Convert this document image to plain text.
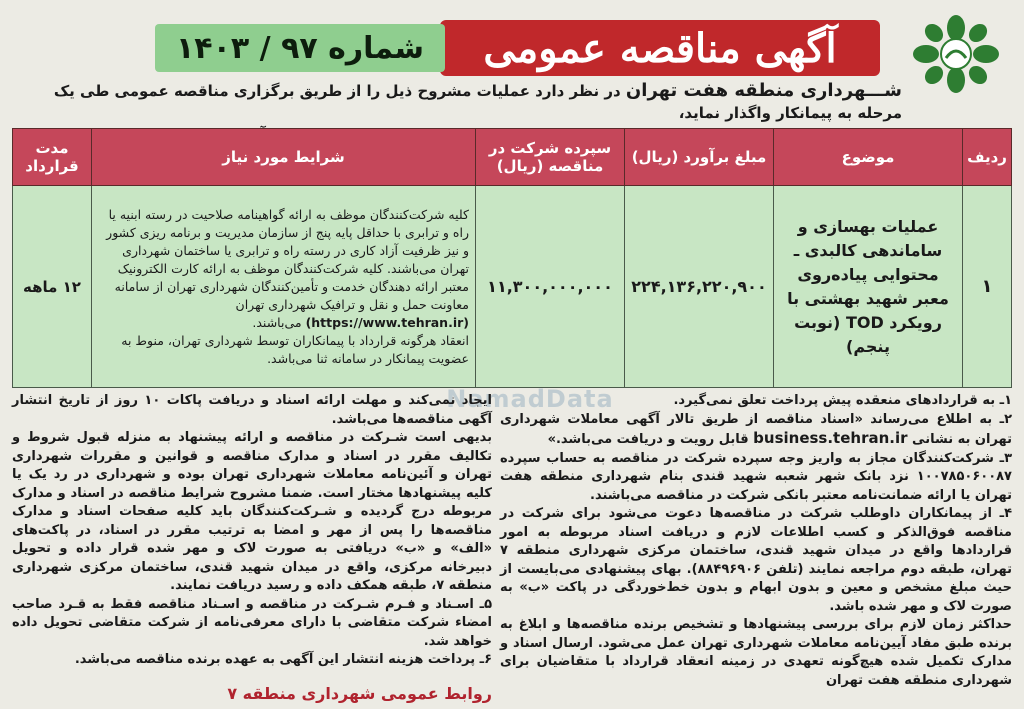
آگهی مناقصه عمومی
شماره ۹۷ / ۱۴۰۳
شـــهرداری منطقه هفت تهران در نظر دارد عملیات مشروح ذیل را از طریق برگزاری مناقصه عمومی طی یک مرحله به پیمانکار واگذار نماید،
ردیف	موضوع	مبلغ برآورد (ریال)	سپرده شرکت در مناقصه (ریال)	شرایط مورد نیاز	مدت قرارداد
۱	عملیات بهسازی و ساماندهی کالبدی ـ محتوایی پیاده‌روی معبر شهید بهشتی با رویکرد TOD (نوبت پنجم)	۲۲۴,۱۳۶,۲۲۰,۹۰۰	۱۱,۳۰۰,۰۰۰,۰۰۰	کلیه شرکت‌کنندگان موظف به ارائه گواهینامه صلاحیت در رسته ابنیه یا راه و ترابری با حداقل پایه پنج از سازمان مدیریت و برنامه ریزی کشور و نیز ظرفیت آزاد کاری در رسته راه و ترابری یا ساختمان شهرداری تهران می‌باشند. کلیه شرکت‌کنندگان موظف به ارائه کارت الکترونیک معتبر ارائه دهندگان خدمت و تأمین‌کنندگان شهرداری تهران از سامانه معاونت حمل و نقل و ترافیک شهرداری تهران (https://www.tehran.ir) می‌باشند.
انعقاد هرگونه قرارداد با پیمانکاران توسط شهرداری تهران، منوط به عضویت پیمانکار در سامانه ثنا می‌باشد.	۱۲ ماهه
NamadData	۱ـ به قراردادهای منعقده پیش پرداخت تعلق نمی‌گیرد.

۲ـ به اطلاع می‌رساند «اسناد مناقصه از طریق تالار آگهی معاملات شهرداری تهران به نشانی business.tehran.ir قابل رویت و دریافت می‌باشد.»

۳ـ شرکت‌کنندگان مجاز به واریز وجه سپرده شرکت در مناقصه به حساب سپرده ۱۰۰۷۸۵۰۶۰۰۸۷ نزد بانک شهر شعبه شهید قندی بنام شهرداری منطقه هفت تهران یا ارائه ضمانت‌نامه معتبر بانکی شرکت در مناقصه می‌باشند.

۴ـ از پیمانکاران داوطلب شرکت در مناقصه‌ها دعوت می‌شود برای شرکت در مناقصه فوق‌الذکر و کسب اطلاعات لازم و دریافت اسناد مربوطه به امور قراردادها واقع در میدان شهید قندی، ساختمان مرکزی شهرداری منطقه ۷ تهران، طبقه دوم مراجعه نمایند (تلفن ۸۸۴۹۶۹۰۶). بهای پیشنهادی می‌بایست از حیث مبلغ مشخص و معین و بدون ابهام و بدون خط‌خوردگی در پاکت «ب» به صورت لاک و مهر شده باشد.

حداکثر زمان لازم برای بررسی پیشنهادها و تشخیص برنده مناقصه‌ها و ابلاغ به برنده طبق مفاد آیین‌نامه معاملات شهرداری تهران عمل می‌شود. ارسال اسناد و مدارک تکمیل شده هیچ‌گونه تعهدی در زمینه انعقاد قرارداد با متقاضیان برای شهرداری منطقه هفت تهران

ایجاد نمی‌کند و مهلت ارائه اسناد و دریافت پاکات ۱۰ روز از تاریخ انتشار آگهی مناقصه‌ها می‌باشد.

بدیهی است شـرکت در مناقصه و ارائه پیشنهاد به منزله قبول شروط و تکالیف مقرر در اسناد و مدارک مناقصه و قوانین و مقررات شهرداری تهران و آئین‌نامه معاملات شهرداری تهران بوده و شهرداری در رد یک یا کلیه پیشنهادها مختار است. ضمنا مشروح شرایط مناقصه در اسناد و مدارک مربوطه درج گردیده و شـرکت‌کنندگان باید کلیه صفحات اسناد و مدارک مناقصه‌ها را پس از مهر و امضا به ترتیب مقرر در اسناد، در پاکت‌های «الف» و «ب» دریافتی به صورت لاک و مهر شده قرار داده و تحویل دبیرخانه مرکزی، واقع در میدان شهید قندی، ساختمان مرکزی شهرداری منطقه ۷، طبقه همکف داده و رسید دریافت نمایند.

۵ـ اسـناد و فـرم شـرکت در مناقصه و اسـناد مناقصه فقط به قـرد صاحب امضاء شرکت متقاضی با دارای معرفی‌نامه از شرکت متقاضی تحویل داده خواهد شد.

۶ـ پرداخت هزینه انتشار این آگهی به عهده برنده مناقصه می‌باشد.

روابط عمومی شهرداری منطقه ۷
